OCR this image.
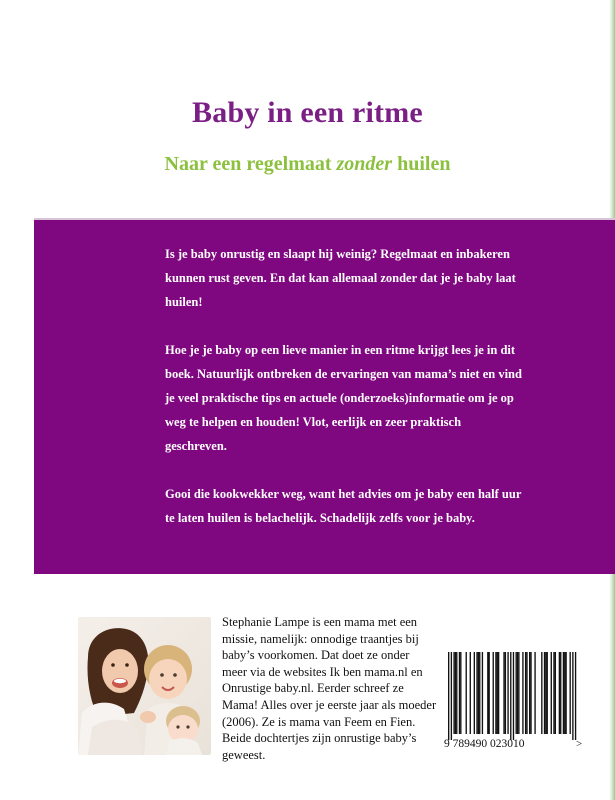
Baby in een ritme
Naar een regelmaat zonder huilen

Is je baby onrustig en slaapt hij weinig? Regelmaat en inbakeren kunnen rust geven. En dat kan allemaal zonder dat je je baby laat huilen!

Hoe je je baby op een lieve manier in een ritme krijgt lees je in dit boek. Natuurlijk ontbreken de ervaringen van mama’s niet en vind je veel praktische tips en actuele (onderzoeks)informatie om je op weg te helpen en houden! Vlot, eerlijk en zeer praktisch geschreven.

Gooi die kookwekker weg, want het advies om je baby een half uur te laten huilen is belachelijk. Schadelijk zelfs voor je baby.

Stephanie Lampe is een mama met een missie, namelijk: onnodige traantjes bij baby’s voorkomen. Dat doet ze onder meer via de websites Ik ben mama.nl en Onrustige baby.nl. Eerder schreef ze Mama! Alles over je eerste jaar als moeder (2006). Ze is mama van Feem en Fien. Beide dochtertjes zijn onrustige baby’s geweest.
9 789490 023010	>
